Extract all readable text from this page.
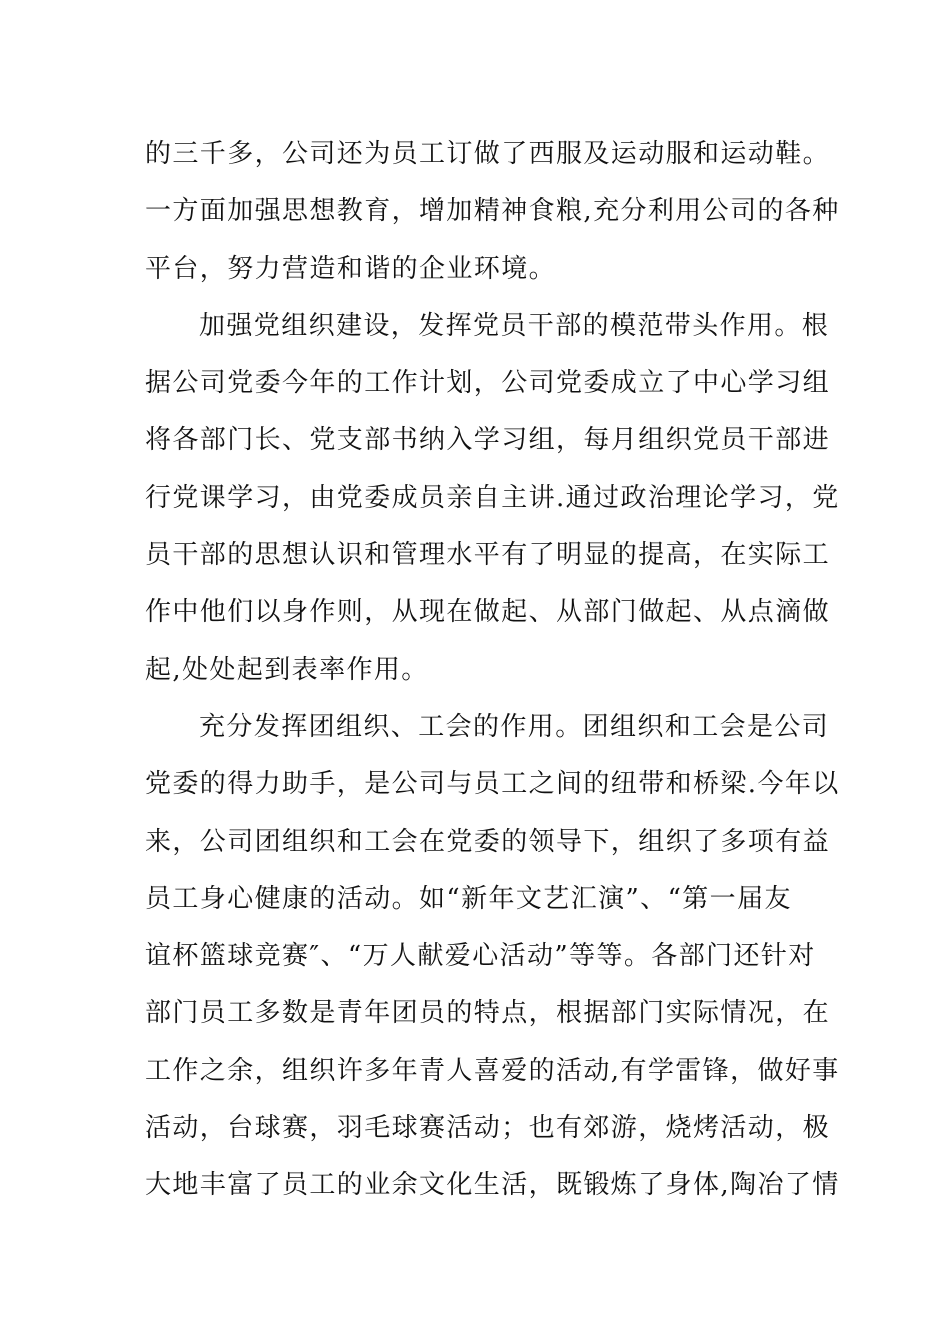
的三千多，公司还为员工订做了西服及运动服和运动鞋。
一方面加强思想教育，增加精神食粮,充分利用公司的各种
平台，努力营造和谐的企业环境。
加强党组织建设，发挥党员干部的模范带头作用。根
据公司党委今年的工作计划，公司党委成立了中心学习组
将各部门长、党支部书纳入学习组，每月组织党员干部进
行党课学习，由党委成员亲自主讲.通过政治理论学习，党
员干部的思想认识和管理水平有了明显的提高，在实际工
作中他们以身作则，从现在做起、从部门做起、从点滴做
起,处处起到表率作用。
充分发挥团组织、工会的作用。团组织和工会是公司
党委的得力助手，是公司与员工之间的纽带和桥梁.今年以
来，公司团组织和工会在党委的领导下，组织了多项有益
员工身心健康的活动。如“新年文艺汇演”、“第一届友
谊杯篮球竞赛″、“万人献爱心活动”等等。各部门还针对
部门员工多数是青年团员的特点，根据部门实际情况，在
工作之余，组织许多年青人喜爱的活动,有学雷锋，做好事
活动，台球赛，羽毛球赛活动；也有郊游，烧烤活动，极
大地丰富了员工的业余文化生活，既锻炼了身体,陶冶了情
